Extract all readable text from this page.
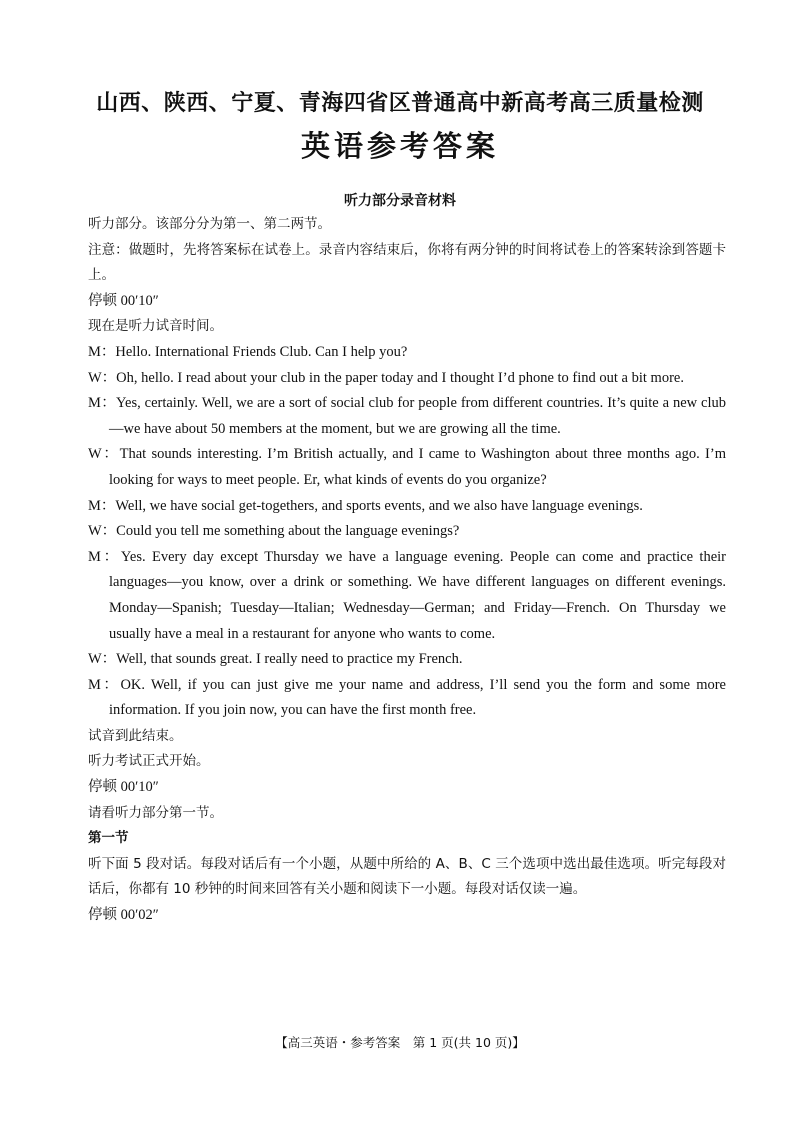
山西、陕西、宁夏、青海四省区普通高中新高考高三质量检测
英语参考答案
听力部分录音材料

听力部分。该部分分为第一、第二两节。

注意：做题时，先将答案标在试卷上。录音内容结束后，你将有两分钟的时间将试卷上的答案转涂到答题卡上。

停顿 00′10″

现在是听力试音时间。

M：Hello. International Friends Club. Can I help you?

W：Oh, hello. I read about your club in the paper today and I thought I’d phone to find out a bit more.

M：Yes, certainly. Well, we are a sort of social club for people from different countries. It’s quite a new club—we have about 50 members at the moment, but we are growing all the time.

W：That sounds interesting. I’m British actually, and I came to Washington about three months ago. I’m looking for ways to meet people. Er, what kinds of events do you organize?

M：Well, we have social get-togethers, and sports events, and we also have language evenings.

W：Could you tell me something about the language evenings?

M：Yes. Every day except Thursday we have a language evening. People can come and practice their languages—you know, over a drink or something. We have different languages on different evenings. Monday—Spanish; Tuesday—Italian; Wednesday—German; and Friday—French. On Thursday we usually have a meal in a restaurant for anyone who wants to come.

W：Well, that sounds great. I really need to practice my French.

M：OK. Well, if you can just give me your name and address, I’ll send you the form and some more information. If you join now, you can have the first month free.

试音到此结束。

听力考试正式开始。

停顿 00′10″

请看听力部分第一节。

第一节

听下面 5 段对话。每段对话后有一个小题，从题中所给的 A、B、C 三个选项中选出最佳选项。听完每段对话后，你都有 10 秒钟的时间来回答有关小题和阅读下一小题。每段对话仅读一遍。

停顿 00′02″

【高三英语・参考答案　第 1 页(共 10 页)】
